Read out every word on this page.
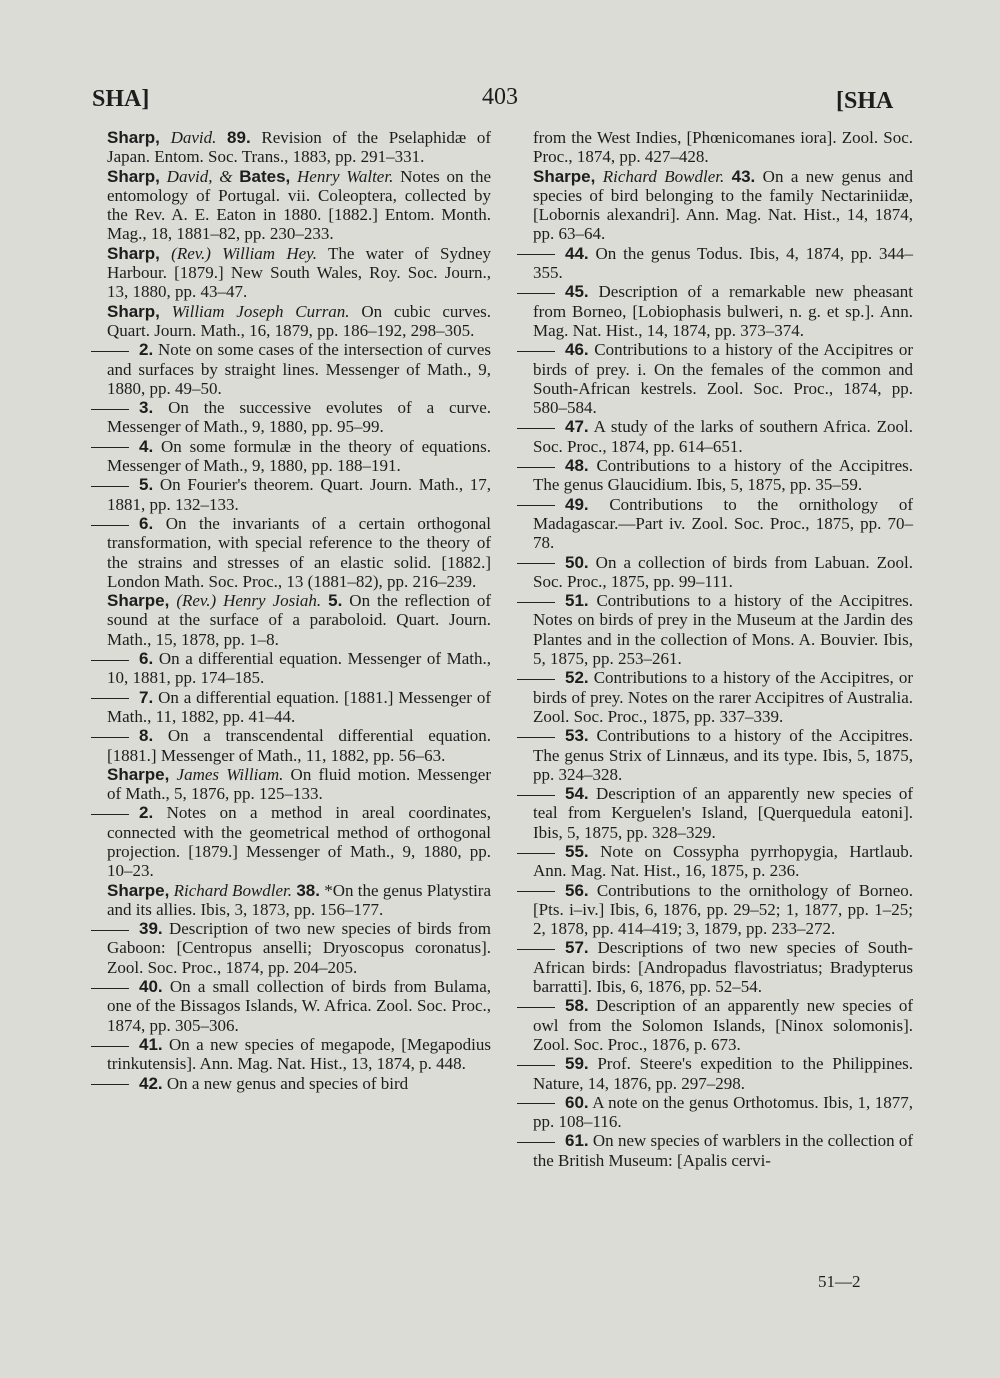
SHA]	403	[SHA

Sharp, David. 89. Revision of the Pselaphidæ of Japan. Entom. Soc. Trans., 1883, pp. 291–331.

Sharp, David, & Bates, Henry Walter. Notes on the entomology of Portugal. vii. Coleoptera, collected by the Rev. A. E. Eaton in 1880. [1882.] Entom. Month. Mag., 18, 1881–82, pp. 230–233.

Sharp, (Rev.) William Hey. The water of Sydney Harbour. [1879.] New South Wales, Roy. Soc. Journ., 13, 1880, pp. 43–47.

Sharp, William Joseph Curran. On cubic curves. Quart. Journ. Math., 16, 1879, pp. 186–192, 298–305.

2. Note on some cases of the intersection of curves and surfaces by straight lines. Messenger of Math., 9, 1880, pp. 49–50.

3. On the successive evolutes of a curve. Messenger of Math., 9, 1880, pp. 95–99.

4. On some formulæ in the theory of equations. Messenger of Math., 9, 1880, pp. 188–191.

5. On Fourier's theorem. Quart. Journ. Math., 17, 1881, pp. 132–133.

6. On the invariants of a certain orthogonal transformation, with special reference to the theory of the strains and stresses of an elastic solid. [1882.] London Math. Soc. Proc., 13 (1881–82), pp. 216–239.

Sharpe, (Rev.) Henry Josiah. 5. On the reflection of sound at the surface of a paraboloid. Quart. Journ. Math., 15, 1878, pp. 1–8.

6. On a differential equation. Messenger of Math., 10, 1881, pp. 174–185.

7. On a differential equation. [1881.] Messenger of Math., 11, 1882, pp. 41–44.

8. On a transcendental differential equation. [1881.] Messenger of Math., 11, 1882, pp. 56–63.

Sharpe, James William. On fluid motion. Messenger of Math., 5, 1876, pp. 125–133.

2. Notes on a method in areal coordinates, connected with the geometrical method of orthogonal projection. [1879.] Messenger of Math., 9, 1880, pp. 10–23.

Sharpe, Richard Bowdler. 38. *On the genus Platystira and its allies. Ibis, 3, 1873, pp. 156–177.

39. Description of two new species of birds from Gaboon: [Centropus anselli; Dryoscopus coronatus]. Zool. Soc. Proc., 1874, pp. 204–205.

40. On a small collection of birds from Bulama, one of the Bissagos Islands, W. Africa. Zool. Soc. Proc., 1874, pp. 305–306.

41. On a new species of megapode, [Megapodius trinkutensis]. Ann. Mag. Nat. Hist., 13, 1874, p. 448.

42. On a new genus and species of bird

from the West Indies, [Phœnicomanes iora]. Zool. Soc. Proc., 1874, pp. 427–428.

Sharpe, Richard Bowdler. 43. On a new genus and species of bird belonging to the family Nectariniidæ, [Lobornis alexandri]. Ann. Mag. Nat. Hist., 14, 1874, pp. 63–64.

44. On the genus Todus. Ibis, 4, 1874, pp. 344–355.

45. Description of a remarkable new pheasant from Borneo, [Lobiophasis bulweri, n. g. et sp.]. Ann. Mag. Nat. Hist., 14, 1874, pp. 373–374.

46. Contributions to a history of the Accipitres or birds of prey. i. On the females of the common and South-African kestrels. Zool. Soc. Proc., 1874, pp. 580–584.

47. A study of the larks of southern Africa. Zool. Soc. Proc., 1874, pp. 614–651.

48. Contributions to a history of the Accipitres. The genus Glaucidium. Ibis, 5, 1875, pp. 35–59.

49. Contributions to the ornithology of Madagascar.—Part iv. Zool. Soc. Proc., 1875, pp. 70–78.

50. On a collection of birds from Labuan. Zool. Soc. Proc., 1875, pp. 99–111.

51. Contributions to a history of the Accipitres. Notes on birds of prey in the Museum at the Jardin des Plantes and in the collection of Mons. A. Bouvier. Ibis, 5, 1875, pp. 253–261.

52. Contributions to a history of the Accipitres, or birds of prey. Notes on the rarer Accipitres of Australia. Zool. Soc. Proc., 1875, pp. 337–339.

53. Contributions to a history of the Accipitres. The genus Strix of Linnæus, and its type. Ibis, 5, 1875, pp. 324–328.

54. Description of an apparently new species of teal from Kerguelen's Island, [Querquedula eatoni]. Ibis, 5, 1875, pp. 328–329.

55. Note on Cossypha pyrrhopygia, Hartlaub. Ann. Mag. Nat. Hist., 16, 1875, p. 236.

56. Contributions to the ornithology of Borneo. [Pts. i–iv.] Ibis, 6, 1876, pp. 29–52; 1, 1877, pp. 1–25; 2, 1878, pp. 414–419; 3, 1879, pp. 233–272.

57. Descriptions of two new species of South-African birds: [Andropadus flavostriatus; Bradypterus barratti]. Ibis, 6, 1876, pp. 52–54.

58. Description of an apparently new species of owl from the Solomon Islands, [Ninox solomonis]. Zool. Soc. Proc., 1876, p. 673.

59. Prof. Steere's expedition to the Philippines. Nature, 14, 1876, pp. 297–298.

60. A note on the genus Orthotomus. Ibis, 1, 1877, pp. 108–116.

61. On new species of warblers in the collection of the British Museum: [Apalis cervi-

51—2
